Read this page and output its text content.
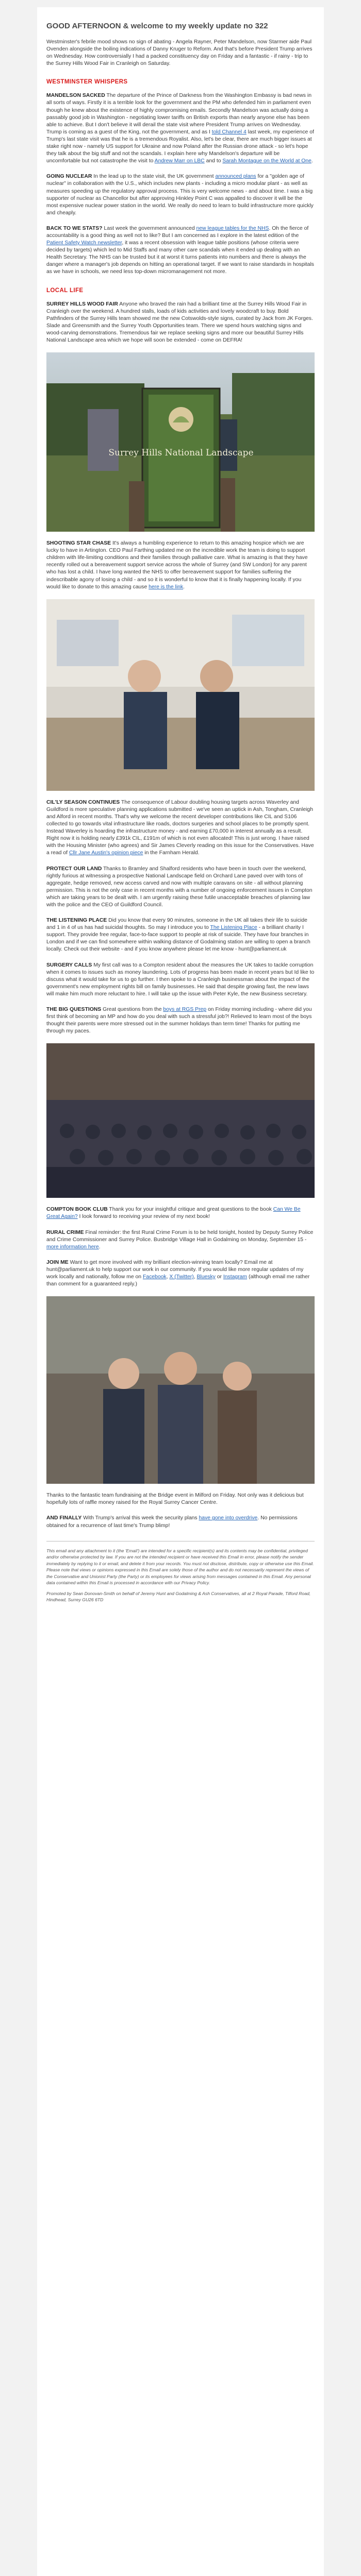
GOOD AFTERNOON & welcome to my weekly update no 322

Westminster's febrile mood shows no sign of abating - Angela Rayner, Peter Mandelson, now Starmer aide Paul Ovenden alongside the boiling indications of Danny Kruger to Reform. And that's before President Trump arrives on Wednesday. How controversially I had a packed constituency day on Friday and a fantastic - if rainy - trip to the Surrey Hills Wood Fair in Cranleigh on Saturday.

WESTMINSTER WHISPERS

MANDELSON SACKED The departure of the Prince of Darkness from the Washington Embassy is bad news in all sorts of ways. Firstly it is a terrible look for the government and the PM who defended him in parliament even though he knew about the existence of highly compromising emails. Secondly Mandelson was actually doing a passably good job in Washington - negotiating lower tariffs on British exports than nearly anyone else has been able to achieve. But I don't believe it will derail the state visit where President Trump arrives on Wednesday. Trump is coming as a guest of the King, not the government, and as I told Channel 4 last week, my experience of Trump's last state visit was that he is a tremendous Royalist. Also, let's be clear, there are much bigger issues at stake right now - namely US support for Ukraine and now Poland after the Russian drone attack - so let's hope they talk about the big stuff and not the scandals. I explain here why Mandelson's departure will be uncomfortable but not catastrophe the visit to Andrew Marr on LBC and to Sarah Montague on the World at One.

GOING NUCLEAR In the lead up to the state visit, the UK government announced plans for a "golden age of nuclear" in collaboration with the U.S., which includes new plants - including a micro modular plant - as well as measures speeding up the regulatory approval process. This is very welcome news - and about time. I was a big supporter of nuclear as Chancellor but after approving Hinkley Point C was appalled to discover it will be the most expensive nuclear power station in the world. We really do need to learn to build infrastructure more quickly and cheaply.

BACK TO WE STATS? Last week the government announced new league tables for the NHS. Oh the fierce of accountability is a good thing as well not to like? But I am concerned as I explore in the latest edition of the Patient Safety Watch newsletter, it was a recent obsession with league table positions (whose criteria were decided by targets) which led to Mid Staffs and many other care scandals when it ended up dealing with an Health Secretary. The NHS can be trusted but it at worst it turns patients into numbers and there is always the danger where a manager's job depends on hitting an operational target. If we want to raise standards in hospitals as we have in schools, we need less top-down micromanagement not more.

LOCAL LIFE

SURREY HILLS WOOD FAIR Anyone who braved the rain had a brilliant time at the Surrey Hills Wood Fair in Cranleigh over the weekend. A hundred stalls, loads of kids activities and lovely woodcraft to buy. Bold Pathfinders of the Surrey Hills team showed me the new Cotswolds-style signs, curated by Jack from JK Forges. Slade and Greensmith and the Surrey Youth Opportunities team. There we spend hours watching signs and wood-carving demonstrations. Tremendous fair we replace seeking signs and more our beautiful Surrey Hills National Landscape area which we hope will soon be extended - come on DEFRA!

Surrey Hills National Landscape

SHOOTING STAR CHASE It's always a humbling experience to return to this amazing hospice which we are lucky to have in Artington. CEO Paul Farthing updated me on the incredible work the team is doing to support children with life-limiting conditions and their families through palliative care. What is amazing is that they have recently rolled out a bereavement support service across the whole of Surrey (and SW London) for any parent who has lost a child. I have long wanted the NHS to offer bereavement support for families suffering the indescribable agony of losing a child - and so it is wonderful to know that it is finally happening locally. If you would like to donate to this amazing cause here is the link.

CIL'LY SEASON CONTINUES The consequence of Labour doubling housing targets across Waverley and Guildford is more speculative planning applications submitted - we've seen an uptick in Ash, Tongham, Cranleigh and Alford in recent months. That's why we welcome the recent developer contributions like CIL and S106 collected to go towards vital infrastructure like roads, doctors surgeries and school places to be promptly spent. Instead Waverley is hoarding the infrastructure money - and earning £70,000 in interest annually as a result. Right now it is holding nearly £391k CIL, £191m of which is not even allocated! This is just wrong. I have raised with the Housing Minister (who agrees) and Sir James Cleverly reading on this issue for the Conservatives. Have a read of Cllr Jane Austin's opinion piece in the Farnham Herald.

PROTECT OUR LAND Thanks to Bramley and Shalford residents who have been in touch over the weekend, rightly furious at witnessing a prospective National Landscape field on Orchard Lane paved over with tons of aggregate, hedge removed, new access carved and now with multiple caravans on site - all without planning permission. This is not the only case in recent months with a number of ongoing enforcement issues in Compton which are taking years to be dealt with. I am urgently raising these futile unacceptable breaches of planning law with the police and the CEO of Guildford Council.

THE LISTENING PLACE Did you know that every 90 minutes, someone in the UK all takes their life to suicide and 1 in 4 of us has had suicidal thoughts. So may I introduce you to The Listening Place - a brilliant charity I support. They provide free regular, face-to-face support to people at risk of suicide. They have four branches in London and if we can find somewhere within walking distance of Godalming station are willing to open a branch locally. Check out their website - and if you know anywhere please let me know - hunt@parliament.uk

SURGERY CALLS My first call was to a Compton resident about the measures the UK takes to tackle corruption when it comes to issues such as money laundering. Lots of progress has been made in recent years but Id like to discuss what it would take for us to go further. I then spoke to a Cranleigh businessman about the impact of the government's new employment rights bill on family businesses. He said that despite growing fast, the new laws will make him much more reluctant to hire. I will take up the issue with Peter Kyle, the new Business secretary.

THE BIG QUESTIONS Great questions from the boys at RGS Prep on Friday morning including - where did you first think of becoming an MP and how do you deal with such a stressful job?! Relieved to learn most of the boys thought their parents were more stressed out in the summer holidays than term time! Thanks for putting me through my paces.

COMPTON BOOK CLUB Thank you for your insightful critique and great questions to the book Can We Be Great Again? I look forward to receiving your review of my next book!

RURAL CRIME Final reminder: the first Rural Crime Forum is to be held tonight, hosted by Deputy Surrey Police and Crime Commissioner and Surrey Police. Busbridge Village Hall in Godalming on Monday, September 15 - more information here.

JOIN ME Want to get more involved with my brilliant election-winning team locally? Email me at hunt@parliament.uk to help support our work in our community. If you would like more regular updates of my work locally and nationally, follow me on Facebook, X (Twitter), Bluesky or Instagram (although email me rather than comment for a guaranteed reply.)

Thanks to the fantastic team fundraising at the Bridge event in Milford on Friday. Not only was it delicious but hopefully lots of raffle money raised for the Royal Surrey Cancer Centre.

AND FINALLY With Trump's arrival this week the security plans have gone into overdrive. No permissions obtained for a recurrence of last time's Trump blimp!

This email and any attachment to it (the 'Email') are intended for a specific recipient(s) and its contents may be confidential, privileged and/or otherwise protected by law. If you are not the intended recipient or have received this Email in error, please notify the sender immediately by replying to it or email, and delete it from your records. You must not disclose, distribute, copy or otherwise use this Email. Please note that views or opinions expressed in this Email are solely those of the author and do not necessarily represent the views of the Conservative and Unionist Party (the Party) or its employees for views arising from messages contained in this Email. Any personal data contained within this Email is processed in accordance with our Privacy Policy.
Promoted by Sean Donovan-Smith on behalf of Jeremy Hunt and Godalming & Ash Conservatives, all at 2 Royal Parade, Tilford Road, Hindhead, Surrey GU26 6TD
